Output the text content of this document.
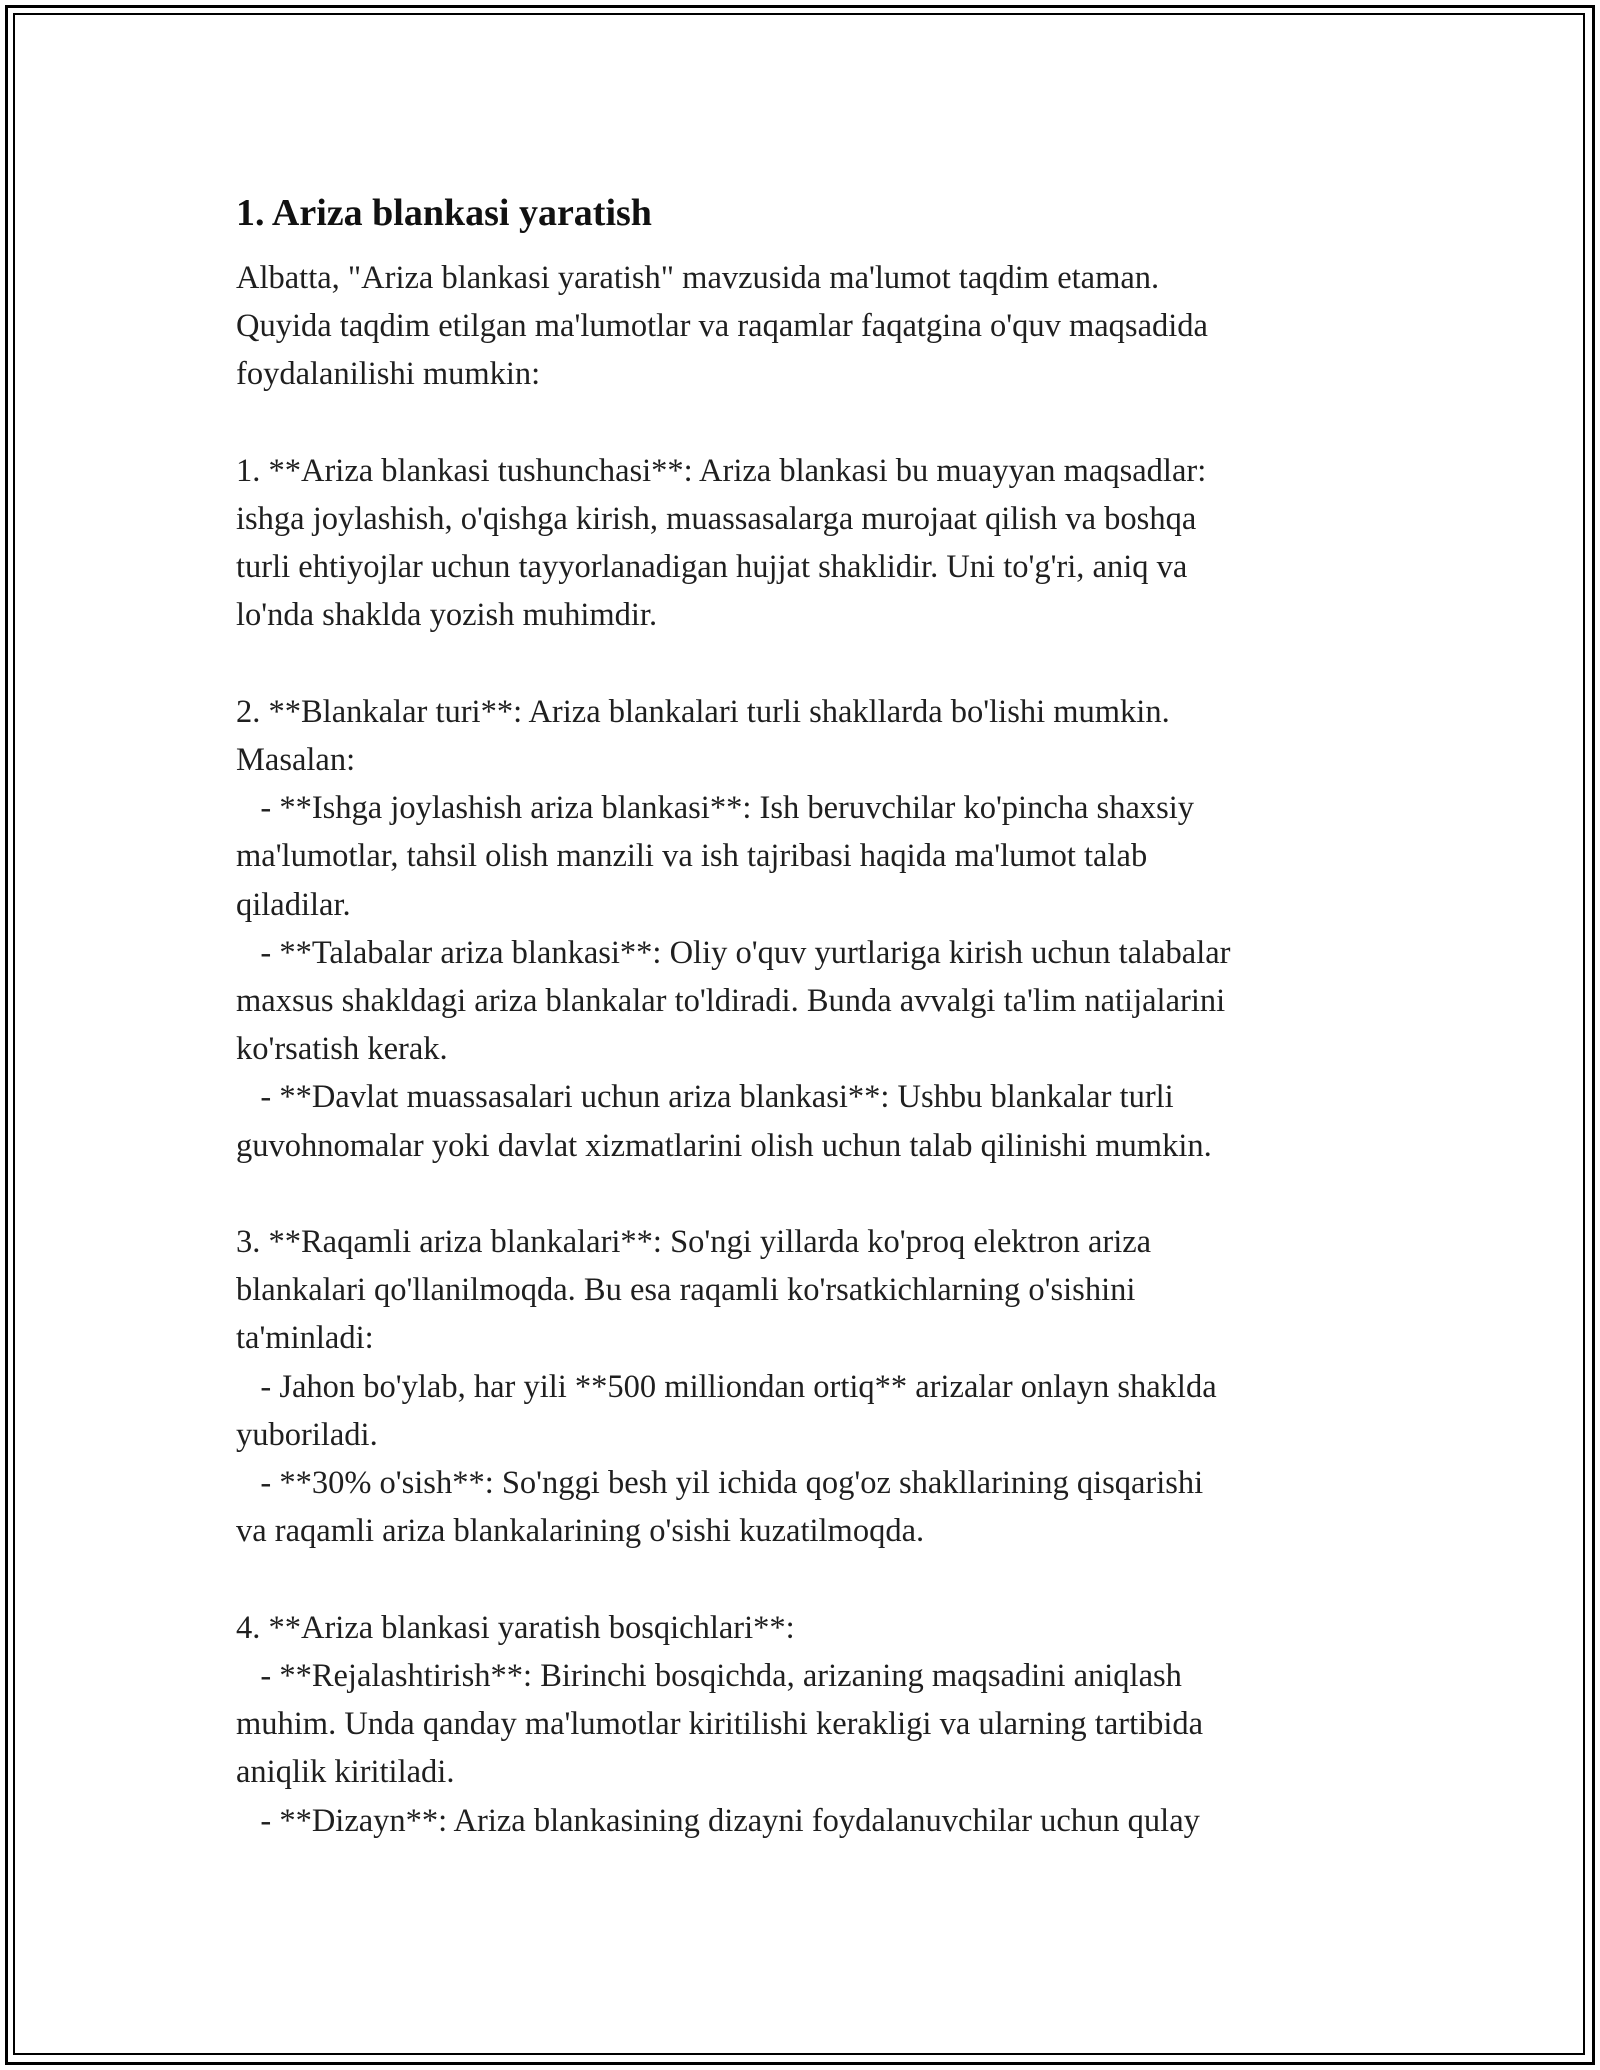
1. Ariza blankasi yaratish

Albatta, "Ariza blankasi yaratish" mavzusida ma'lumot taqdim etaman.
Quyida taqdim etilgan ma'lumotlar va raqamlar faqatgina o'quv maqsadida
foydalanilishi mumkin:

1. **Ariza blankasi tushunchasi**: Ariza blankasi bu muayyan maqsadlar:
ishga joylashish, o'qishga kirish, muassasalarga murojaat qilish va boshqa
turli ehtiyojlar uchun tayyorlanadigan hujjat shaklidir. Uni to'g'ri, aniq va
lo'nda shaklda yozish muhimdir.

2. **Blankalar turi**: Ariza blankalari turli shakllarda bo'lishi mumkin.
Masalan:
- **Ishga joylashish ariza blankasi**: Ish beruvchilar ko'pincha shaxsiy
ma'lumotlar, tahsil olish manzili va ish tajribasi haqida ma'lumot talab
qiladilar.
- **Talabalar ariza blankasi**: Oliy o'quv yurtlariga kirish uchun talabalar
maxsus shakldagi ariza blankalar to'ldiradi. Bunda avvalgi ta'lim natijalarini
ko'rsatish kerak.
- **Davlat muassasalari uchun ariza blankasi**: Ushbu blankalar turli
guvohnomalar yoki davlat xizmatlarini olish uchun talab qilinishi mumkin.

3. **Raqamli ariza blankalari**: So'ngi yillarda ko'proq elektron ariza
blankalari qo'llanilmoqda. Bu esa raqamli ko'rsatkichlarning o'sishini
ta'minladi:
- Jahon bo'ylab, har yili **500 milliondan ortiq** arizalar onlayn shaklda
yuboriladi.
- **30% o'sish**: So'nggi besh yil ichida qog'oz shakllarining qisqarishi
va raqamli ariza blankalarining o'sishi kuzatilmoqda.

4. **Ariza blankasi yaratish bosqichlari**:
- **Rejalashtirish**: Birinchi bosqichda, arizaning maqsadini aniqlash
muhim. Unda qanday ma'lumotlar kiritilishi kerakligi va ularning tartibida
aniqlik kiritiladi.
- **Dizayn**: Ariza blankasining dizayni foydalanuvchilar uchun qulay
